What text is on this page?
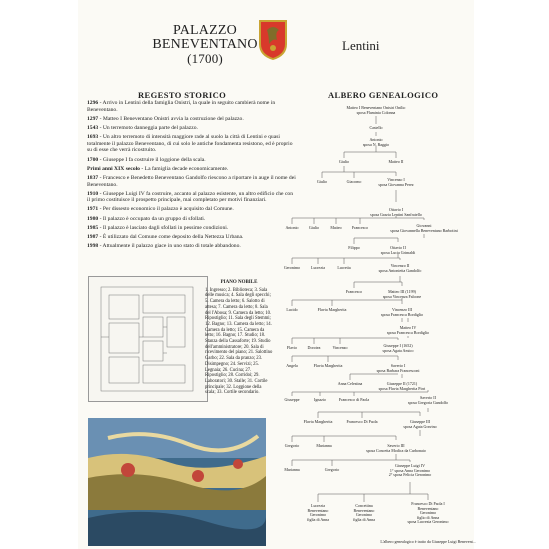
PALAZZO
BENEVENTANO
(1700)
Lentini
REGESTO STORICO

1296 - Arrivo in Lentini della famiglia Onistri, la quale in seguito cambierà nome in Beneventano.

1297 - Matteo I Beneventano Onistri avvia la costruzione del palazzo.

1543 - Un terremoto danneggia parte del palazzo.

1693 - Un altro terremoto di intensità maggiore rade al suolo la città di Lentini e quasi totalmente il palazzo Beneventano, di cui solo le antiche fondamenta resistono, ed è proprio su di esse che verrà ricostruito.

1700 - Giuseppe I fa costruire il loggione della scala.

Primi anni XIX secolo - La famiglia decade economicamente.

1837 - Francesco e Benedetto Beneventano Gandolfo riescono a riportare in auge il nome dei Beneventano.

1910 - Giuseppe Luigi IV fa costruire, accanto al palazzo esistente, un altro edificio che con il primo costituisce il prospetto principale, mai completato per motivi finanziari.

1971 - Per dissesto economico il palazzo è acquisito dal Comune.

1980 - Il palazzo è occupato da un gruppo di sfollati.

1985 - Il palazzo è lasciato dagli sfollati in pessime condizioni.

1987 - È utilizzato dal Comune come deposito della Nettezza Urbana.

1998 - Attualmente il palazzo giace in uno stato di totale abbandono.

ALBERO GENEALOGICO
PIANO NOBILE
1. Ingresso; 2. Biblioteca; 3. Sala delle musica; 4. Sala degli specchi; 5. Camera da letto; 6. Salotto di attesa; 7. Camera da letto; 8. Sala del l'Abosa; 9. Camera da letto; 10. Ripostiglio; 11. Sala degli Stemmi; 12. Bagno; 13. Camera da letto; 14. Camera da letto; 15. Camera da letto; 16. Bagno; 17. Studio; 18. Stanza della Cassaforte; 19. Studio dell'amministratore; 20. Sala di ricevimento del piano; 21. Salottino Garbo; 22. Sala da pranzo; 23. Disimpegno; 24. Servizi; 25. Legnaia; 26. Cucina; 27. Ripostiglio; 28. Corridoi; 29. Laboratori; 30. Stalle; 31. Cortile principale; 32. Loggione della scala; 33. Cortile secondario.
Matteo I Beneventano Onistri Onilio
sposa Flaminia Colonna
Castello
Antonio
sposa N. Raggio
Giulio	Matteo II
Giulio	Giacomo	Vincenzo I
sposa Giovanna Perez
Ottavio I
sposa Grazia Lentini Sanfratello
Antonio	Giulio	Matteo	Francesco	Giovanni
sposa Giovannella Beneventano Barbotini
Filippo	Ottavio II
sposa Lucia Grimaldi
Geronimo	Lucrezia	Lucretia	Vincenzo II
sposa Antonietta Gandolfo
Francesco	Matteo III (1199)
sposa Vincenza Falcone
Lucido	Flavia Margherita	Vincenzo III
sposa Francesca Bordiglio
Matteo IV
sposa Francesca Bordiglio
Flavio	Dorotea	Vincenzo	Giuseppe I (1652)
sposa Agata Amico
Angela	Flavia Margherita	Saverio I
sposa Barbara Francesconi
Anna Celestina	Giuseppe II (1721)
sposa Flavia Margherita Pirri
Giuseppe	Ignazio	Francesco di Paola	Saverio II
sposa Gregoria Gandolfo
Flavia Margherita	Francesco Di Paola	Giuseppe III
sposa Agata Gravino
Gregorio	Marianna	Saverio III
sposa Concetta Modica da Carbonaio
Marianna	Gregorio
Giuseppe Luigi IV
1° sposa Anna Geronimo
2° sposa Felicia Geronimo
Lucrezia
Beneventano
Geronimo
figlia di Anna
Concettina
Beneventano
Geronimo
figlia di Anna
Francesco Di Paola I
Beneventano
Geronimo
figlio di Anna
sposa Lucrezia Geronimo
L'albero genealogico è tratto da Giuseppe Luigi Benevent...
